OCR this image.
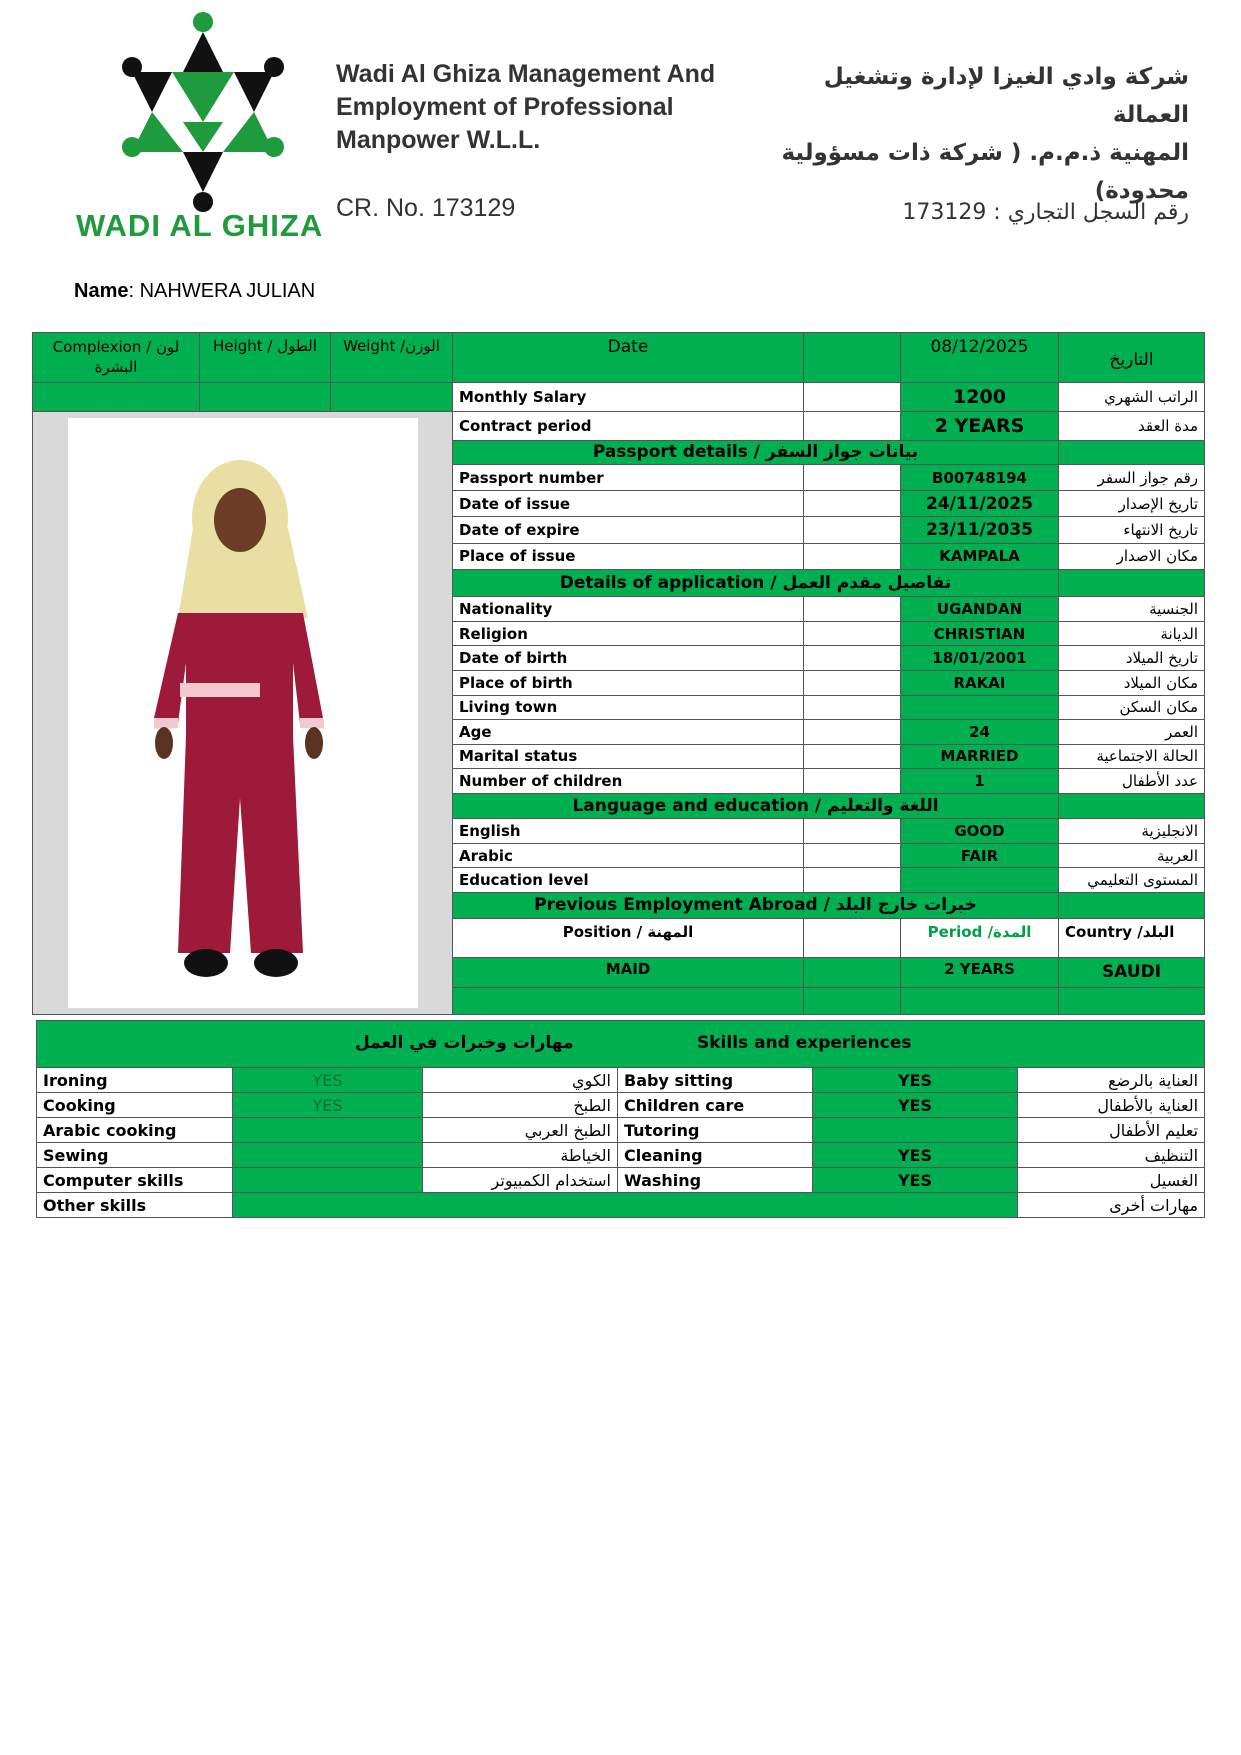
WADI AL GHIZA
Wadi Al Ghiza Management And
Employment of Professional
Manpower W.L.L.
CR. No. 173129
شركة وادي الغيزا لإدارة وتشغيل العمالة
المهنية ذ.م.م. ( شركة ذات مسؤولية
محدودة)
رقم السجل التجاري : 173129
Name: NAHWERA JULIAN
Complexion / لون البشرة	Height / الطول	Weight /الوزن	Date		08/12/2025	التاريخ
			Monthly Salary		1200	الراتب الشهري

	Contract period		2 YEARS	مدة العقد
			Passport details / بيانات جواز السفر			
			Passport number		B00748194	رقم جواز السفر
			Date of issue		24/11/2025	تاريخ الإصدار
			Date of expire		23/11/2035	تاريخ الانتهاء
			Place of issue		KAMPALA	مكان الاصدار
			Details of application / تفاصيل مقدم العمل			
			Nationality		UGANDAN	الجنسية
			Religion		CHRISTIAN	الديانة
			Date of birth		18/01/2001	تاريخ الميلاد
			Place of birth		RAKAI	مكان الميلاد
			Living town			مكان السكن
			Age		24	العمر
			Marital status		MARRIED	الحالة الاجتماعية
			Number of children		1	عدد الأطفال
			Language and education / اللغة والتعليم			
			English		GOOD	الانجليزية
			Arabic		FAIR	العربية
			Education level			المستوى التعليمي
			Previous Employment Abroad / خبرات خارج البلد			
			Position / المهنة		Period /المدة	Country /البلد
			MAID		2 YEARS	SAUDI

مهارات وخبرات في العمل Skills and experiences					

Ironing	YES	الكوي	Baby sitting	YES	العناية بالرضع
Cooking	YES	الطبخ	Children care	YES	العناية بالأطفال
Arabic cooking		الطبخ العربي	Tutoring		تعليم الأطفال
Sewing		الخياطة	Cleaning	YES	التنظيف
Computer skills		استخدام الكمبيوتر	Washing	YES	الغسيل
Other skills					مهارات أخرى
